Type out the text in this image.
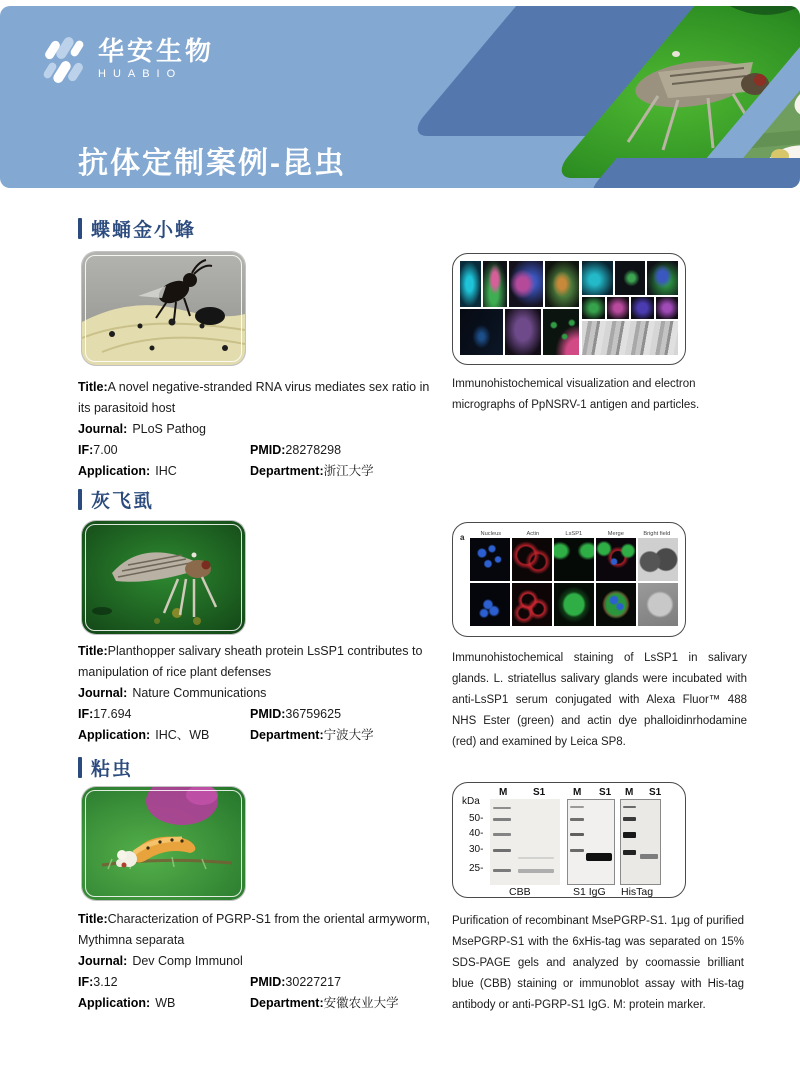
华安生物
HUABIO
抗体定制案例-昆虫
蝶蛹金小蜂

Title:A novel negative-stranded RNA virus mediates sex ratio in its parasitoid host

Journal: PLoS Pathog

IF:7.00	PMID:28278298

Application: IHC	Department:浙江大学

Immunohistochemical visualization and electron micrographs of PpNSRV-1 antigen and particles.
灰飞虱

Title:Planthopper salivary sheath protein LsSP1 contributes to manipulation of rice plant defenses

Journal: Nature Communications

IF:17.694	PMID:36759625

Application: IHC、WB	Department:宁波大学

a	Nucleus	Actin	LsSP1	Merge	Bright field
Immunohistochemical staining of LsSP1 in salivary glands. L. striatellus salivary glands were incubated with anti-LsSP1 serum conjugated with Alexa Fluor™ 488 NHS Ester (green) and actin dye phalloidinrhodamine (red) and examined by Leica SP8.
粘虫

Title:Characterization of PGRP-S1 from the oriental armyworm, Mythimna separata

Journal: Dev Comp Immunol

IF:3.12	PMID:30227217

Application: WB	Department:安徽农业大学

M	S1	M S1 M S1
kDa
50-
40-
30-
25-
CBB	S1 IgG HisTag
Purification of recombinant MsePGRP-S1. 1μg of purified MsePGRP-S1 with the 6xHis-tag was separated on 15% SDS-PAGE gels and analyzed by coomassie brilliant blue (CBB) staining or immunoblot assay with His-tag antibody or anti-PGRP-S1 IgG. M: protein marker.
